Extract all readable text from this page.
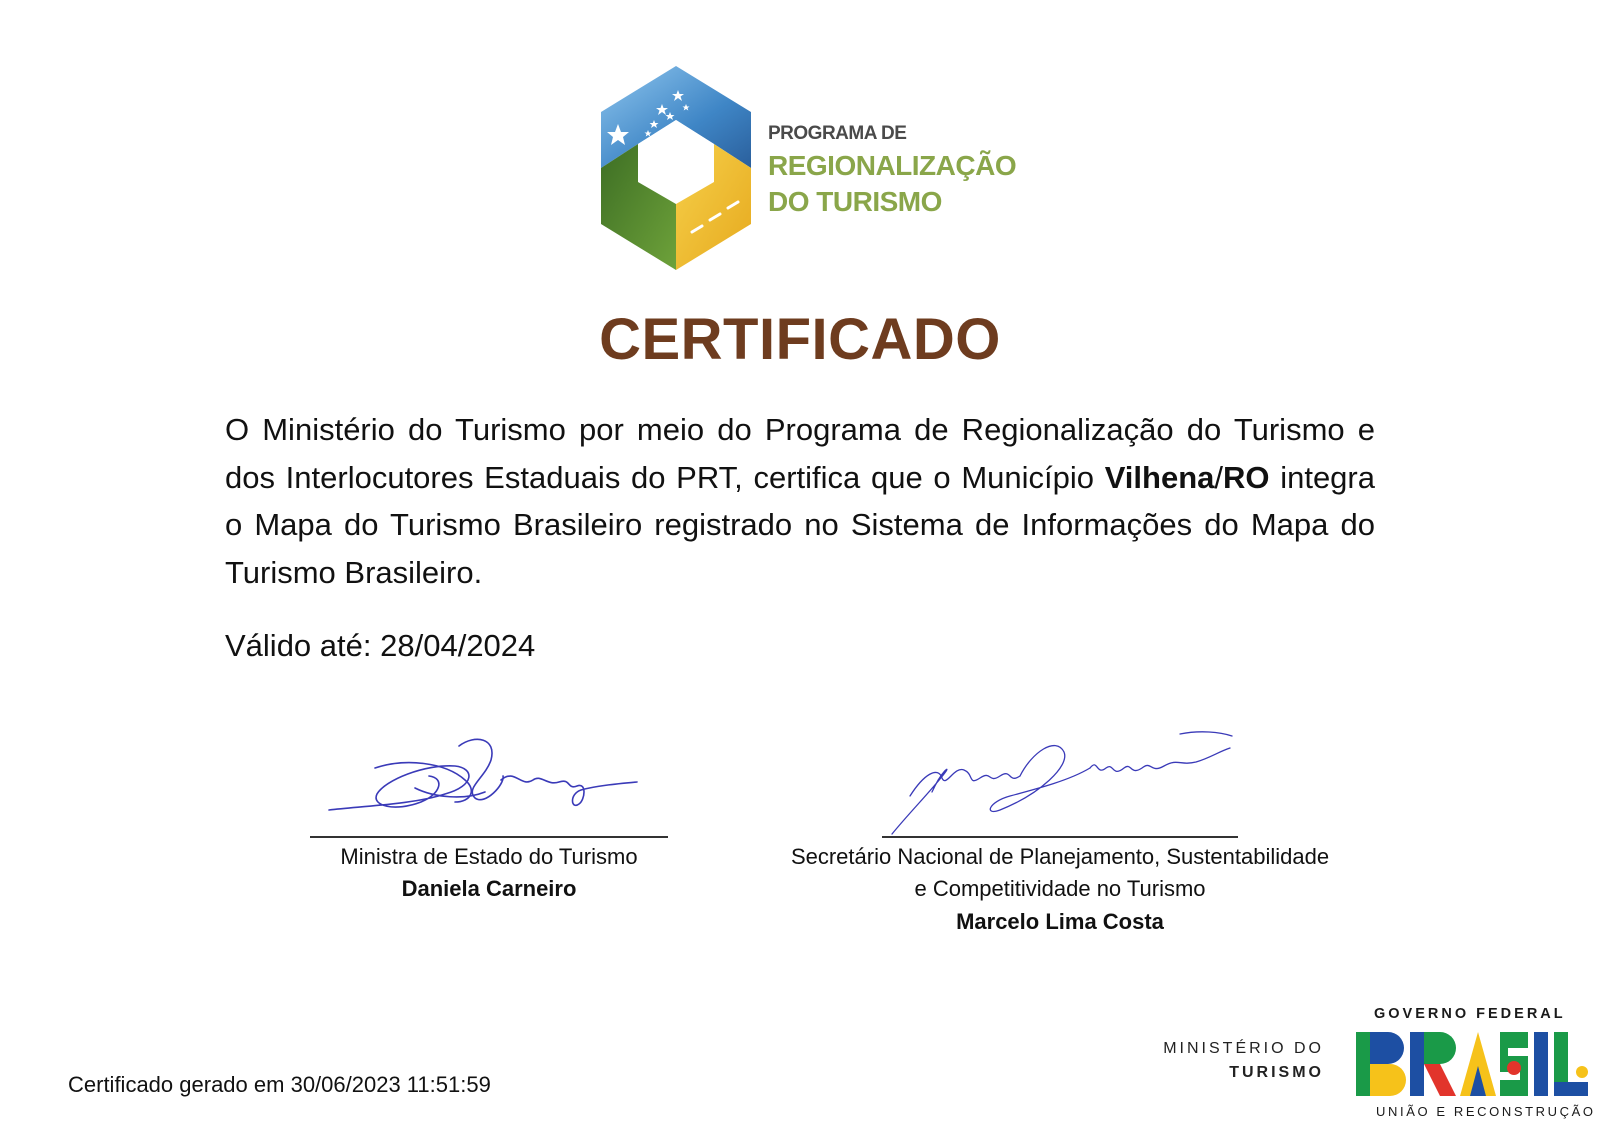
PROGRAMA DE
REGIONALIZAÇÃO
DO TURISMO
CERTIFICADO
O Ministério do Turismo por meio do Programa de Regionalização do Turismo e dos Interlocutores Estaduais do PRT, certifica que o Município Vilhena/RO integra o Mapa do Turismo Brasileiro registrado no Sistema de Informações do Mapa do Turismo Brasileiro.
Válido até: 28/04/2024
Ministra de Estado do Turismo
Daniela Carneiro
Secretário Nacional de Planejamento, Sustentabilidade
e Competitividade no Turismo
Marcelo Lima Costa
Certificado gerado em 30/06/2023 11:51:59
MINISTÉRIO DO
TURISMO
GOVERNO FEDERAL
UNIÃO E RECONSTRUÇÃO
